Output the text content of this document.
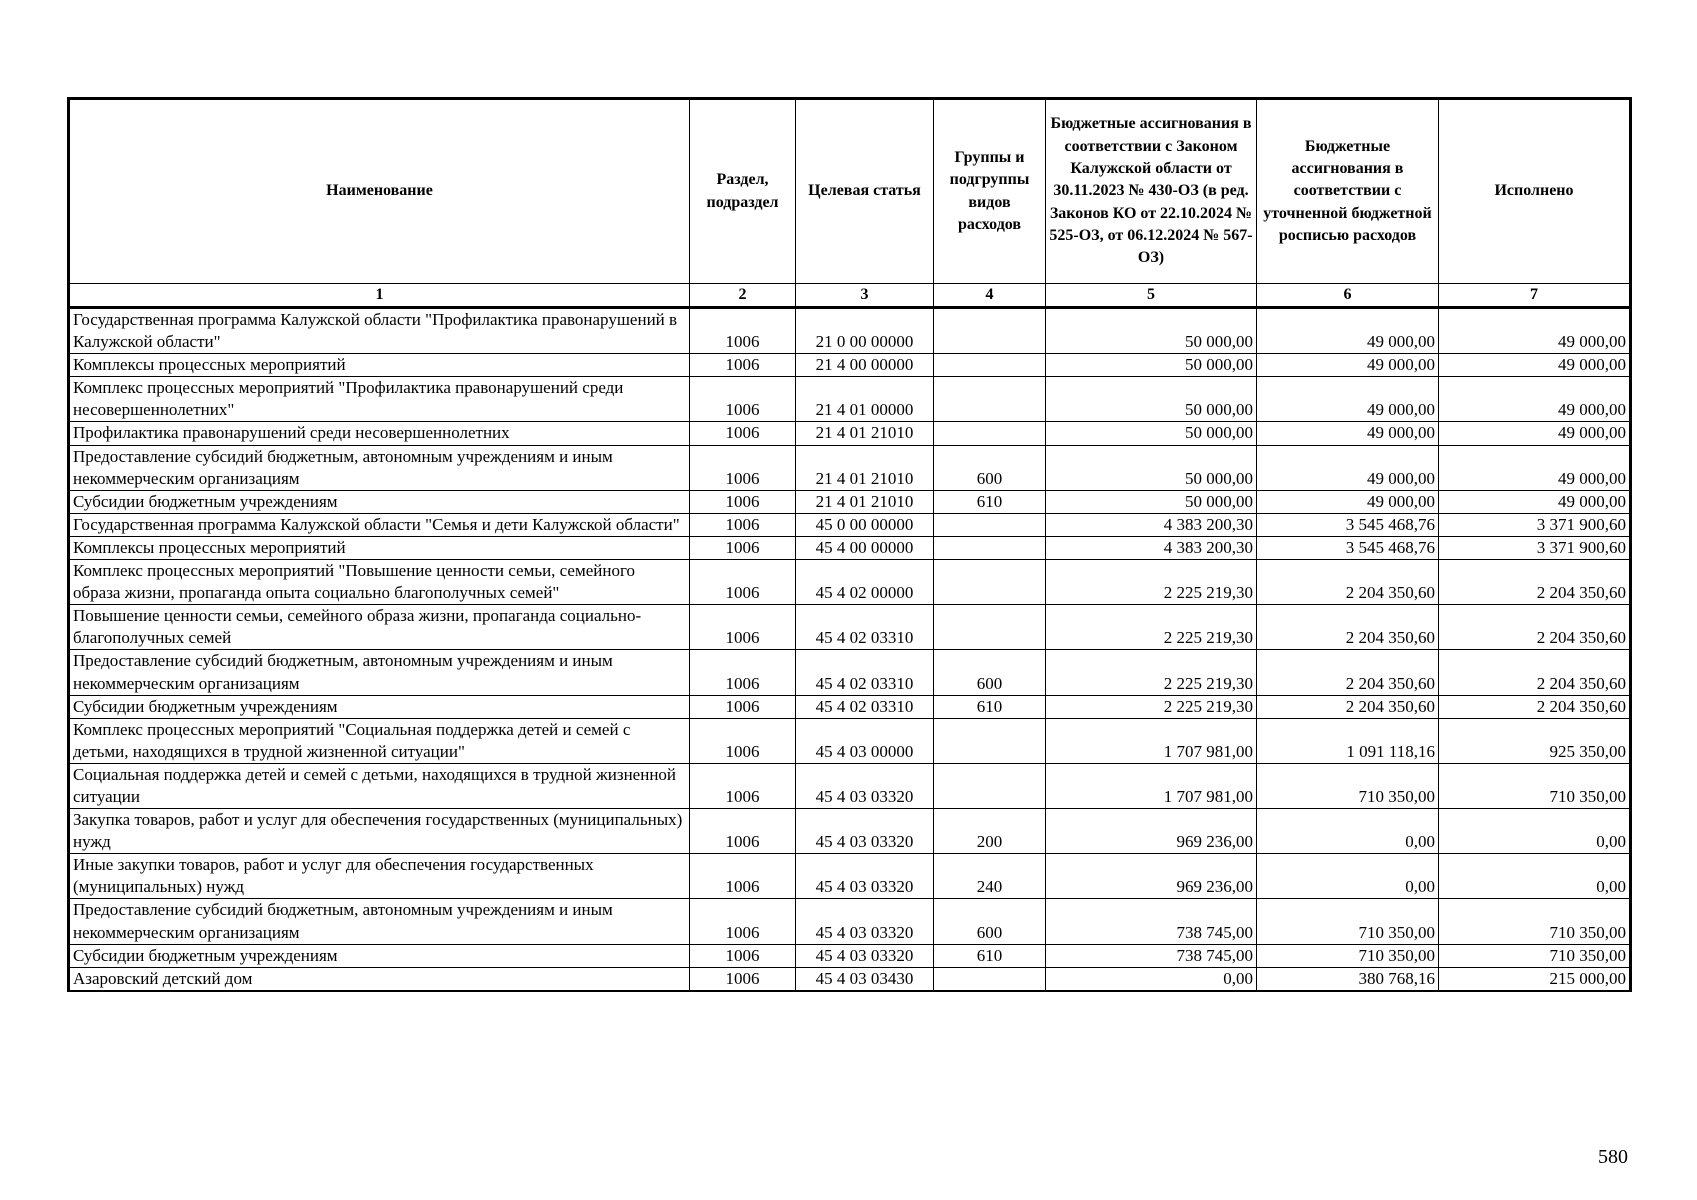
Наименование	Раздел, подраздел	Целевая статья	Группы и подгруппы видов расходов	Бюджетные ассигнования в соответствии с Законом Калужской области от 30.11.2023 № 430-ОЗ (в ред. Законов КО от 22.10.2024 № 525-ОЗ, от 06.12.2024 № 567-ОЗ)	Бюджетные ассигнования в соответствии с уточненной бюджетной росписью расходов	Исполнено
1	2	3	4	5	6	7
Государственная программа Калужской области "Профилактика правонарушений в Калужской области"	1006	21 0 00 00000		50 000,00	49 000,00	49 000,00
Комплексы процессных мероприятий	1006	21 4 00 00000		50 000,00	49 000,00	49 000,00
Комплекс процессных мероприятий "Профилактика правонарушений среди несовершеннолетних"	1006	21 4 01 00000		50 000,00	49 000,00	49 000,00
Профилактика правонарушений среди несовершеннолетних	1006	21 4 01 21010		50 000,00	49 000,00	49 000,00
Предоставление субсидий бюджетным, автономным учреждениям и иным некоммерческим организациям	1006	21 4 01 21010	600	50 000,00	49 000,00	49 000,00
Субсидии бюджетным учреждениям	1006	21 4 01 21010	610	50 000,00	49 000,00	49 000,00
Государственная программа Калужской области "Семья и дети Калужской области"	1006	45 0 00 00000		4 383 200,30	3 545 468,76	3 371 900,60
Комплексы процессных мероприятий	1006	45 4 00 00000		4 383 200,30	3 545 468,76	3 371 900,60
Комплекс процессных мероприятий "Повышение ценности семьи, семейного образа жизни, пропаганда опыта социально благополучных семей"	1006	45 4 02 00000		2 225 219,30	2 204 350,60	2 204 350,60
Повышение ценности семьи, семейного образа жизни, пропаганда социально-благополучных семей	1006	45 4 02 03310		2 225 219,30	2 204 350,60	2 204 350,60
Предоставление субсидий бюджетным, автономным учреждениям и иным некоммерческим организациям	1006	45 4 02 03310	600	2 225 219,30	2 204 350,60	2 204 350,60
Субсидии бюджетным учреждениям	1006	45 4 02 03310	610	2 225 219,30	2 204 350,60	2 204 350,60
Комплекс процессных мероприятий "Социальная поддержка детей и семей с детьми, находящихся в трудной жизненной ситуации"	1006	45 4 03 00000		1 707 981,00	1 091 118,16	925 350,00
Социальная поддержка детей и семей с детьми, находящихся в трудной жизненной ситуации	1006	45 4 03 03320		1 707 981,00	710 350,00	710 350,00
Закупка товаров, работ и услуг для обеспечения государственных (муниципальных) нужд	1006	45 4 03 03320	200	969 236,00	0,00	0,00
Иные закупки товаров, работ и услуг для обеспечения государственных (муниципальных) нужд	1006	45 4 03 03320	240	969 236,00	0,00	0,00
Предоставление субсидий бюджетным, автономным учреждениям и иным некоммерческим организациям	1006	45 4 03 03320	600	738 745,00	710 350,00	710 350,00
Субсидии бюджетным учреждениям	1006	45 4 03 03320	610	738 745,00	710 350,00	710 350,00
Азаровский детский дом	1006	45 4 03 03430		0,00	380 768,16	215 000,00
580
